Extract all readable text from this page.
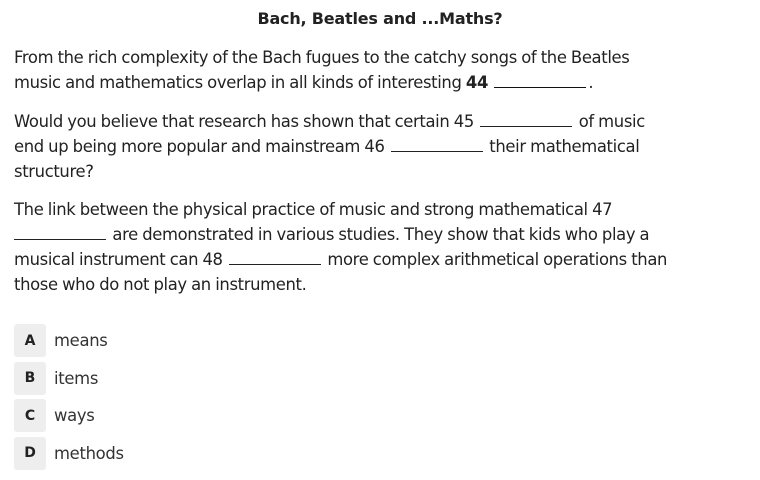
Bach, Beatles and ...Maths?
From the rich complexity of the Bach fugues to the catchy songs of the Beatles
music and mathematics overlap in all kinds of interesting 44	.
Would you believe that research has shown that certain 45	of music
end up being more popular and mainstream 46	their mathematical
structure?
The link between the physical practice of music and strong mathematical 47
are demonstrated in various studies. They show that kids who play a
musical instrument can 48	more complex arithmetical operations than
those who do not play an instrument.
A	means
B	items
C	ways
D	methods
